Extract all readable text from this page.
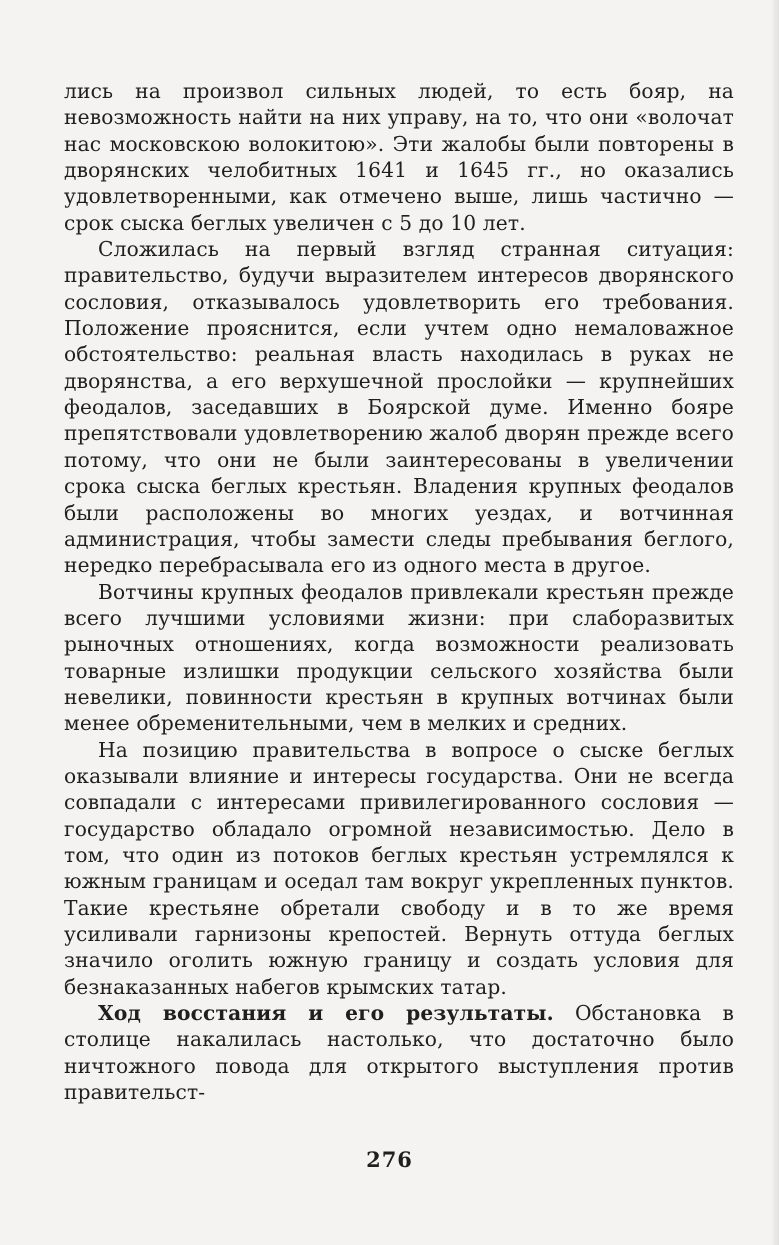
лись на произвол сильных людей, то есть бояр, на невозможность найти на них управу, на то, что они «волочат нас московскою волокитою». Эти жалобы были повторены в дворянских челобитных 1641 и 1645 гг., но оказались удовлетворенными, как отмечено выше, лишь частично — срок сыска беглых увеличен с 5 до 10 лет.

Сложилась на первый взгляд странная ситуация: правительство, будучи выразителем интересов дворянского сословия, отказывалось удовлетворить его требования. Положение прояснится, если учтем одно немаловажное обстоятельство: реальная власть находилась в руках не дворянства, а его верхушечной прослойки — крупнейших феодалов, заседавших в Боярской думе. Именно бояре препятствовали удовлетворению жалоб дворян прежде всего потому, что они не были заинтересованы в увеличении срока сыска беглых крестьян. Владения крупных феодалов были расположены во многих уездах, и вотчинная администрация, чтобы замести следы пребывания беглого, нередко перебрасывала его из одного места в другое.

Вотчины крупных феодалов привлекали крестьян прежде всего лучшими условиями жизни: при слаборазвитых рыночных отношениях, когда возможности реализовать товарные излишки продукции сельского хозяйства были невелики, повинности крестьян в крупных вотчинах были менее обременительными, чем в мелких и средних.

На позицию правительства в вопросе о сыске беглых оказывали влияние и интересы государства. Они не всегда совпадали с интересами привилегированного сословия — государство обладало огромной независимостью. Дело в том, что один из потоков беглых крестьян устремлялся к южным границам и оседал там вокруг укрепленных пунктов. Такие крестьяне обретали свободу и в то же время усиливали гарнизоны крепостей. Вернуть оттуда беглых значило оголить южную границу и создать условия для безнаказанных набегов крымских татар.

Ход восстания и его результаты. Обстановка в столице накалилась настолько, что достаточно было ничтожного повода для открытого выступления против правительст-

276
